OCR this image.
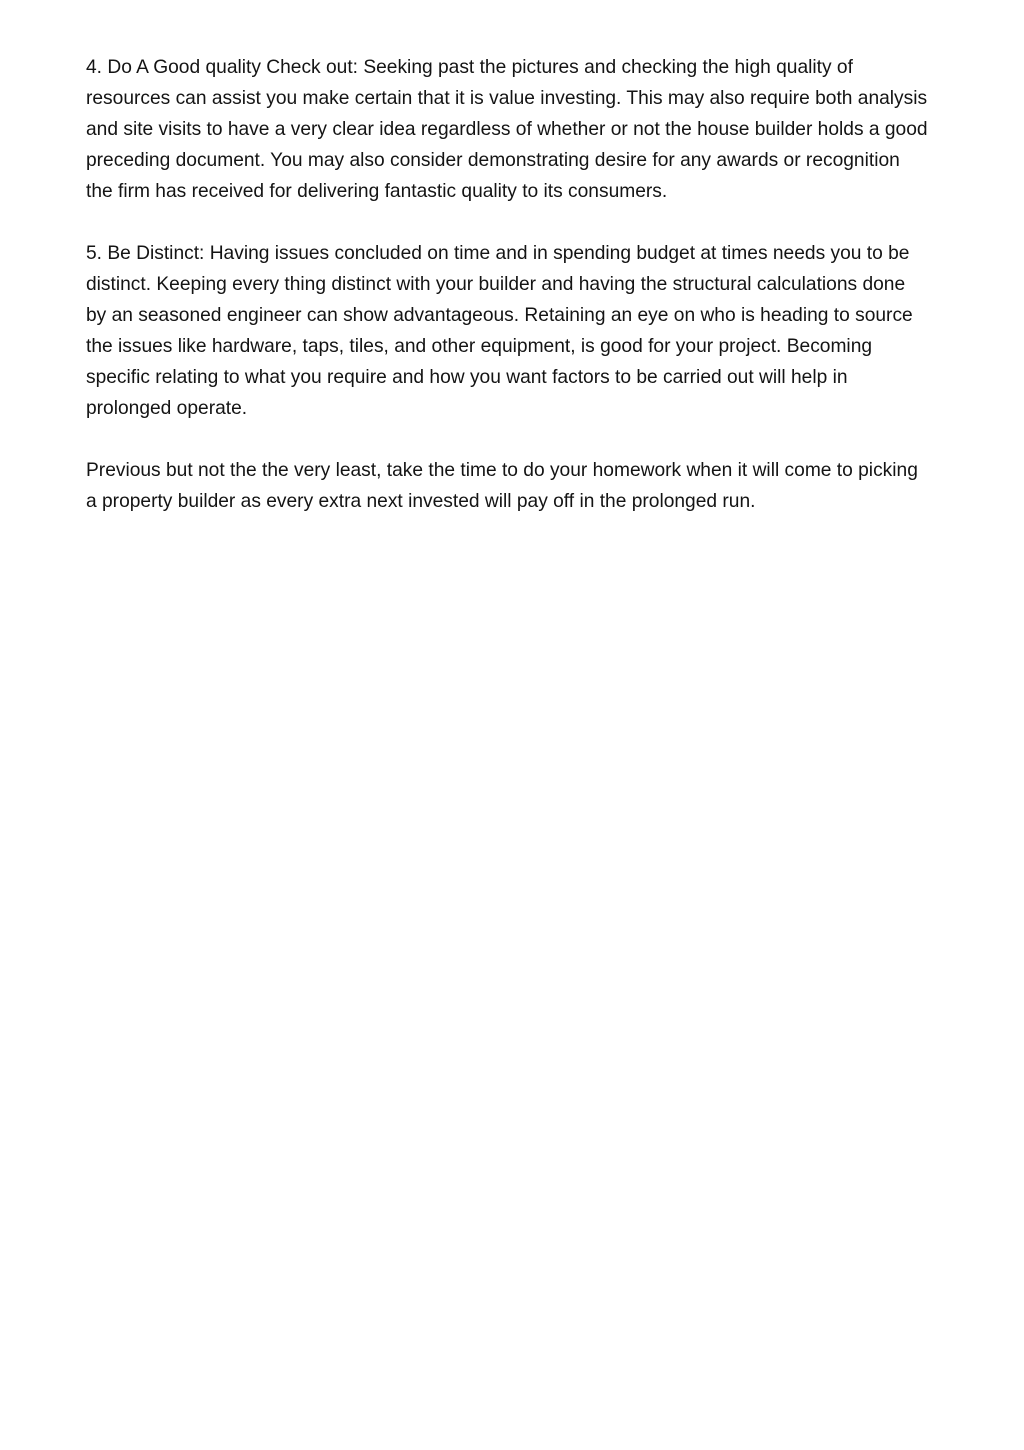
4. Do A Good quality Check out: Seeking past the pictures and checking the high quality of resources can assist you make certain that it is value investing. This may also require both analysis and site visits to have a very clear idea regardless of whether or not the house builder holds a good preceding document. You may also consider demonstrating desire for any awards or recognition the firm has received for delivering fantastic quality to its consumers.

5. Be Distinct: Having issues concluded on time and in spending budget at times needs you to be distinct. Keeping every thing distinct with your builder and having the structural calculations done by an seasoned engineer can show advantageous. Retaining an eye on who is heading to source the issues like hardware, taps, tiles, and other equipment, is good for your project. Becoming specific relating to what you require and how you want factors to be carried out will help in prolonged operate.

Previous but not the the very least, take the time to do your homework when it will come to picking a property builder as every extra next invested will pay off in the prolonged run.
